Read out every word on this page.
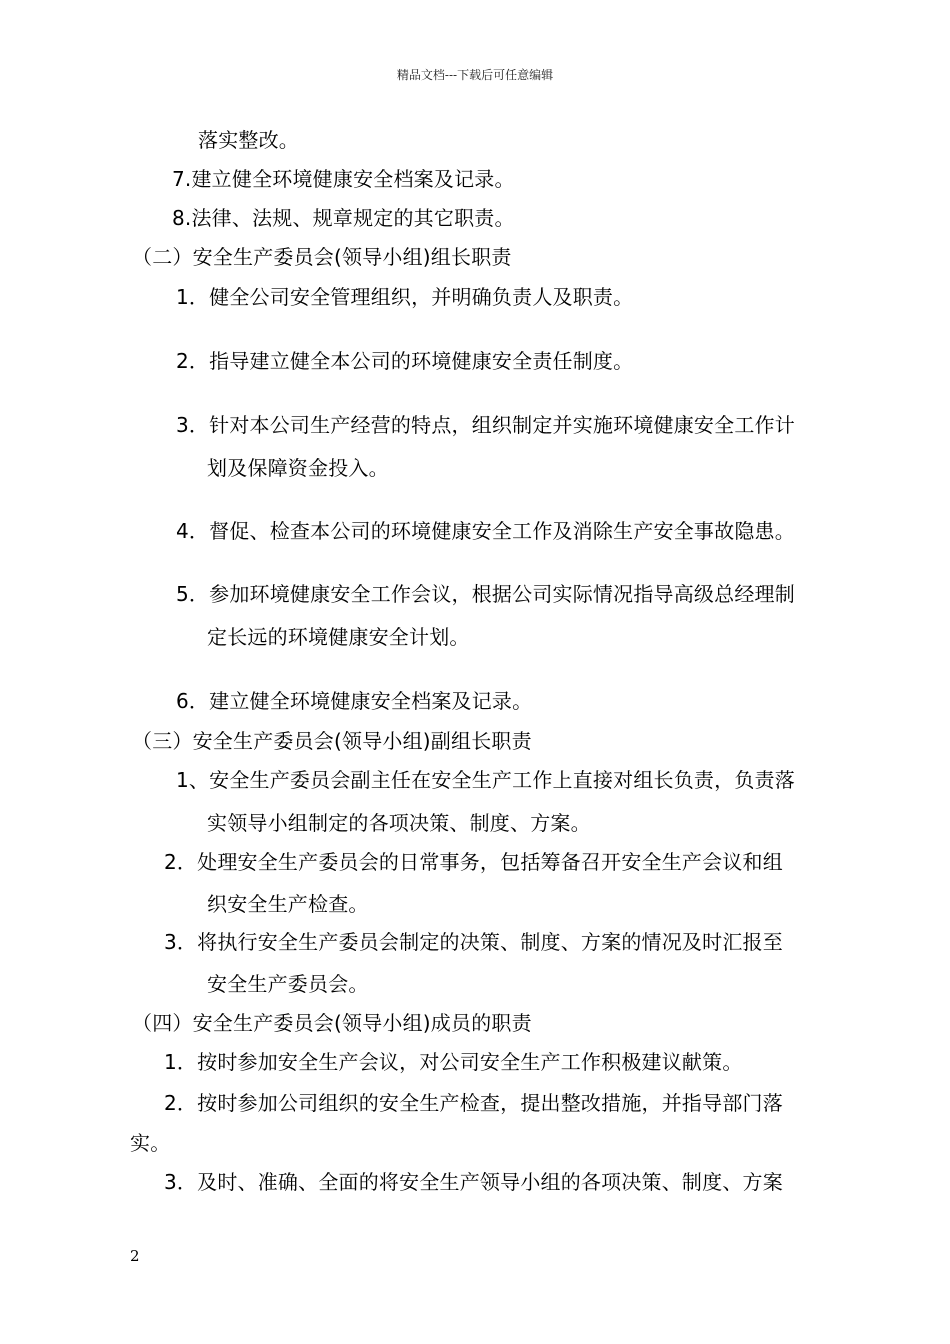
精品文档---下载后可任意编辑
落实整改。
7.建立健全环境健康安全档案及记录。
8.法律、法规、规章规定的其它职责。
（二）安全生产委员会(领导小组)组长职责
1．健全公司安全管理组织，并明确负责人及职责。
2．指导建立健全本公司的环境健康安全责任制度。
3．针对本公司生产经营的特点，组织制定并实施环境健康安全工作计
划及保障资金投入。
4．督促、检查本公司的环境健康安全工作及消除生产安全事故隐患。
5．参加环境健康安全工作会议，根据公司实际情况指导高级总经理制
定长远的环境健康安全计划。
6．建立健全环境健康安全档案及记录。
（三）安全生产委员会(领导小组)副组长职责
1、安全生产委员会副主任在安全生产工作上直接对组长负责，负责落
实领导小组制定的各项决策、制度、方案。
2．处理安全生产委员会的日常事务，包括筹备召开安全生产会议和组
织安全生产检查。
3．将执行安全生产委员会制定的决策、制度、方案的情况及时汇报至
安全生产委员会。
（四）安全生产委员会(领导小组)成员的职责
1．按时参加安全生产会议，对公司安全生产工作积极建议献策。
2．按时参加公司组织的安全生产检查，提出整改措施，并指导部门落
实。
3．及时、准确、全面的将安全生产领导小组的各项决策、制度、方案
2
